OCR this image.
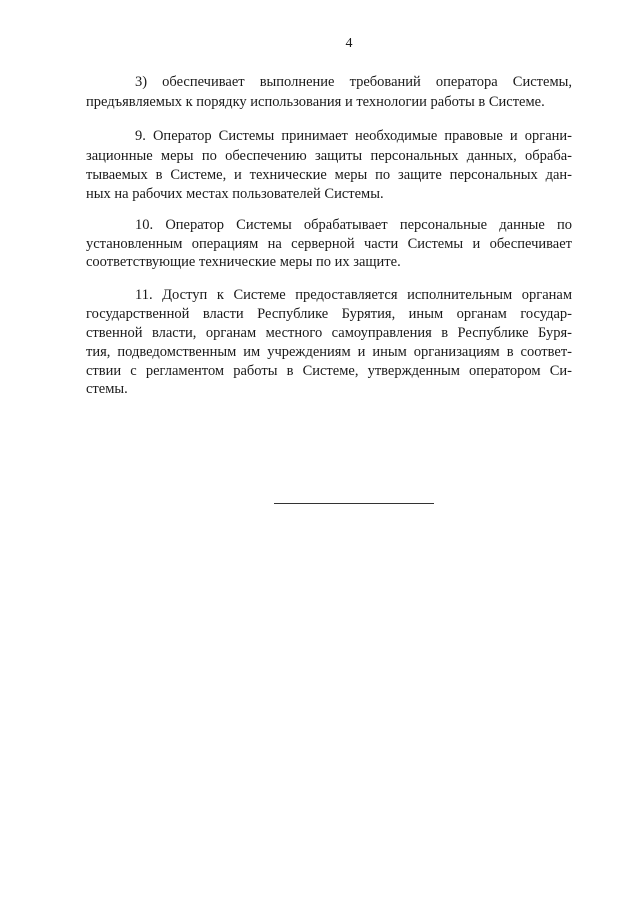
4
3) обеспечивает выполнение требований оператора Системы,
предъявляемых к порядку использования и технологии работы в Системе.
9. Оператор Системы принимает необходимые правовые и органи-
зационные меры по обеспечению защиты персональных данных, обраба-
тываемых в Системе, и технические меры по защите персональных дан-
ных на рабочих местах пользователей Системы.
10. Оператор Системы обрабатывает персональные данные по
установленным операциям на серверной части Системы и обеспечивает
соответствующие технические меры по их защите.
11. Доступ к Системе предоставляется исполнительным органам
государственной власти Республике Бурятия, иным органам государ-
ственной власти, органам местного самоуправления в Республике Буря-
тия, подведомственным им учреждениям и иным организациям в соответ-
ствии с регламентом работы в Системе, утвержденным оператором Си-
стемы.
